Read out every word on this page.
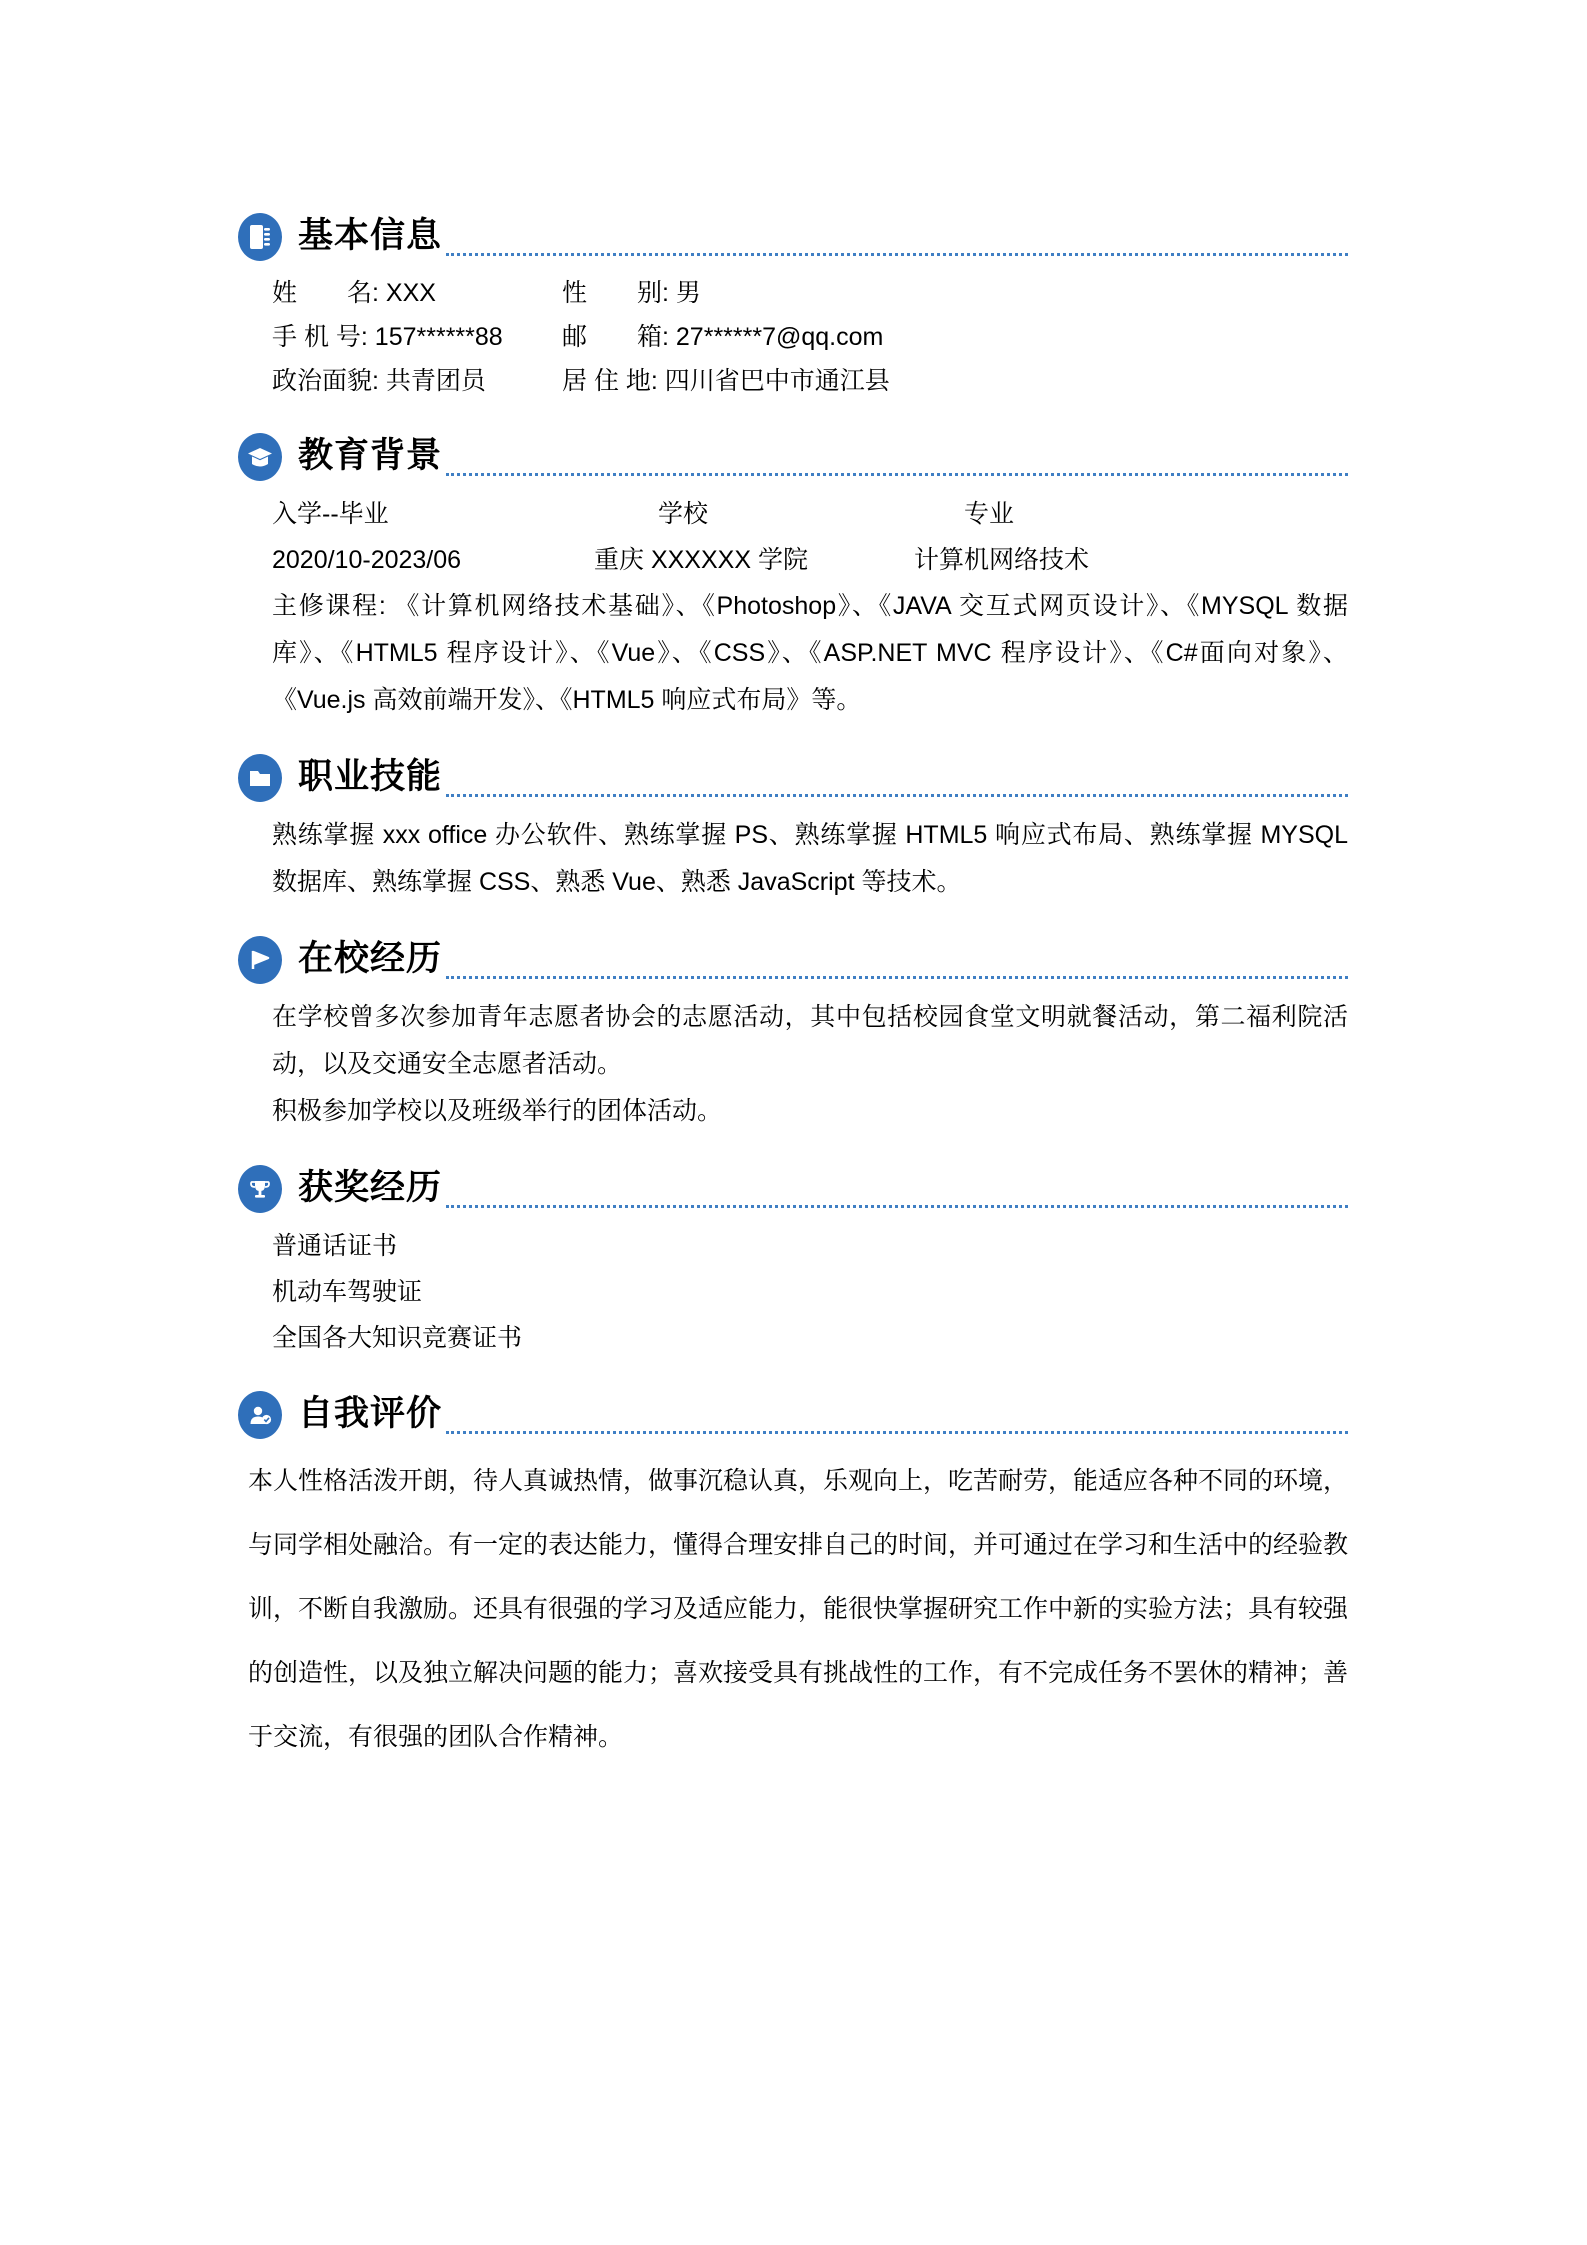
基本信息
姓　　名: XXX	性　　别: 男
手 机 号: 157******88	邮　　箱: 27******7@qq.com
政治面貌: 共青团员	居 住 地: 四川省巴中市通江县
教育背景
入学--毕业	学校	专业
2020/10-2023/06	重庆 XXXXXX 学院	计算机网络技术
主修课程: 《计算机网络技术基础》、《Photoshop》、《JAVA 交互式网页设计》、《MYSQL 数据库》、《HTML5 程序设计》、《Vue》、《CSS》、《ASP.NET MVC 程序设计》、《C#面向对象》、《Vue.js 高效前端开发》、《HTML5 响应式布局》等。
职业技能
熟练掌握 xxx office 办公软件、熟练掌握 PS、熟练掌握 HTML5 响应式布局、熟练掌握 MYSQL 数据库、熟练掌握 CSS、熟悉 Vue、熟悉 JavaScript 等技术。
在校经历
在学校曾多次参加青年志愿者协会的志愿活动，其中包括校园食堂文明就餐活动，第二福利院活动，以及交通安全志愿者活动。
积极参加学校以及班级举行的团体活动。
获奖经历
普通话证书
机动车驾驶证
全国各大知识竞赛证书
自我评价
本人性格活泼开朗，待人真诚热情，做事沉稳认真，乐观向上，吃苦耐劳，能适应各种不同的环境，与同学相处融洽。有一定的表达能力，懂得合理安排自己的时间，并可通过在学习和生活中的经验教训，不断自我激励。还具有很强的学习及适应能力，能很快掌握研究工作中新的实验方法；具有较强的创造性，以及独立解决问题的能力；喜欢接受具有挑战性的工作，有不完成任务不罢休的精神；善于交流，有很强的团队合作精神。
